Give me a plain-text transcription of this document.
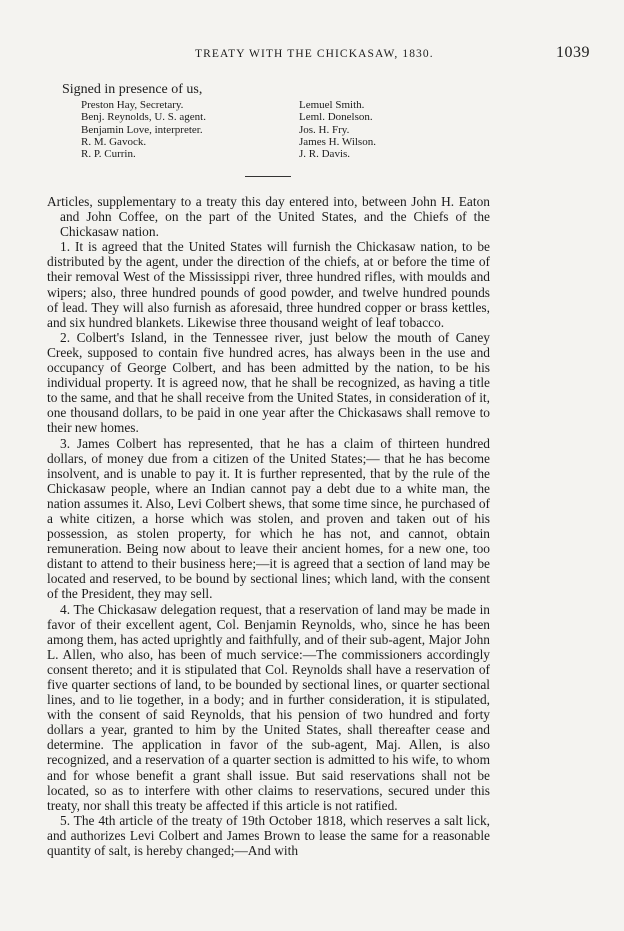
TREATY WITH THE CHICKASAW, 1830.	1039
Signed in presence of us,
Preston Hay, Secretary.
Benj. Reynolds, U. S. agent.
Benjamin Love, interpreter.
R. M. Gavock.
R. P. Currin.
Lemuel Smith.
Leml. Donelson.
Jos. H. Fry.
James H. Wilson.
J. R. Davis.

Articles, supplementary to a treaty this day entered into, between John H. Eaton and John Coffee, on the part of the United States, and the Chiefs of the Chickasaw nation.

1. It is agreed that the United States will furnish the Chickasaw nation, to be distributed by the agent, under the direction of the chiefs, at or before the time of their removal West of the Mississippi river, three hundred rifles, with moulds and wipers; also, three hundred pounds of good powder, and twelve hundred pounds of lead. They will also furnish as aforesaid, three hundred copper or brass kettles, and six hundred blankets. Likewise three thousand weight of leaf tobacco.

2. Colbert's Island, in the Tennessee river, just below the mouth of Caney Creek, supposed to contain five hundred acres, has always been in the use and occupancy of George Colbert, and has been admitted by the nation, to be his individual property. It is agreed now, that he shall be recognized, as having a title to the same, and that he shall receive from the United States, in consideration of it, one thousand dollars, to be paid in one year after the Chickasaws shall remove to their new homes.

3. James Colbert has represented, that he has a claim of thirteen hundred dollars, of money due from a citizen of the United States;— that he has become insolvent, and is unable to pay it. It is further represented, that by the rule of the Chickasaw people, where an Indian cannot pay a debt due to a white man, the nation assumes it. Also, Levi Colbert shews, that some time since, he purchased of a white citizen, a horse which was stolen, and proven and taken out of his possession, as stolen property, for which he has not, and cannot, obtain remuneration. Being now about to leave their ancient homes, for a new one, too distant to attend to their business here;—it is agreed that a section of land may be located and reserved, to be bound by sectional lines; which land, with the consent of the President, they may sell.

4. The Chickasaw delegation request, that a reservation of land may be made in favor of their excellent agent, Col. Benjamin Reynolds, who, since he has been among them, has acted uprightly and faithfully, and of their sub-agent, Major John L. Allen, who also, has been of much service:—The commissioners accordingly consent thereto; and it is stipulated that Col. Reynolds shall have a reservation of five quarter sections of land, to be bounded by sectional lines, or quarter sectional lines, and to lie together, in a body; and in further consideration, it is stipulated, with the consent of said Reynolds, that his pension of two hundred and forty dollars a year, granted to him by the United States, shall thereafter cease and determine. The application in favor of the sub-agent, Maj. Allen, is also recognized, and a reservation of a quarter section is admitted to his wife, to whom and for whose benefit a grant shall issue. But said reservations shall not be located, so as to interfere with other claims to reservations, secured under this treaty, nor shall this treaty be affected if this article is not ratified.

5. The 4th article of the treaty of 19th October 1818, which reserves a salt lick, and authorizes Levi Colbert and James Brown to lease the same for a reasonable quantity of salt, is hereby changed;—And with
